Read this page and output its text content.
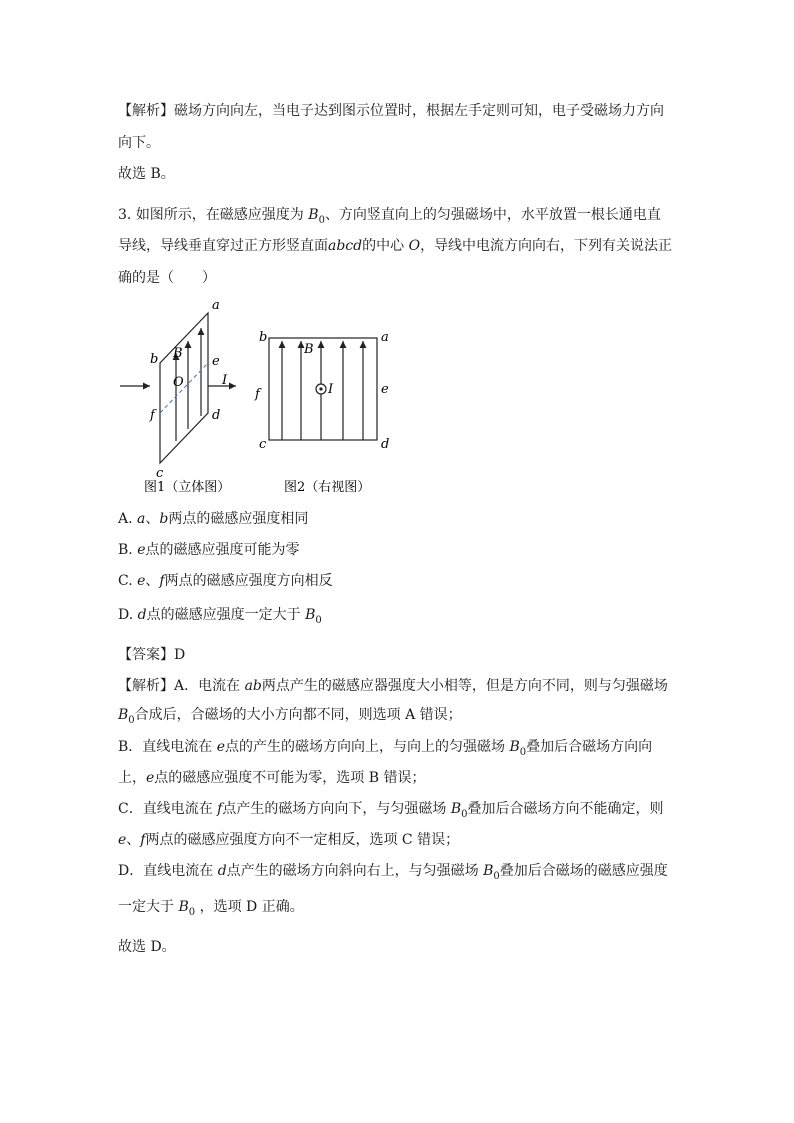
【解析】磁场方向向左，当电子达到图示位置时，根据左手定则可知，电子受磁场力方向
向下。
故选 B。
3. 如图所示，在磁感应强度为 $B_0$、方向竖直向上的匀强磁场中，水平放置一根长通电直
导线，导线垂直穿过正方形竖直面abcd的中心 O，导线中电流方向向右，下列有关说法正
确的是（　　）
a
b
c
d
e
f
O
B
I
b	a
c	d
e
f
B
I
图1（立体图）	图2（右视图）
A. a、b两点的磁感应强度相同
B. e点的磁感应强度可能为零
C. e、f两点的磁感应强度方向相反
D. d点的磁感应强度一定大于 $B_0$
【答案】D
【解析】A．电流在 ab两点产生的磁感应器强度大小相等，但是方向不同，则与匀强磁场
$B_0$合成后，合磁场的大小方向都不同，则选项 A 错误；
B．直线电流在 e点的产生的磁场方向向上，与向上的匀强磁场 $B_0$叠加后合磁场方向向
上，e点的磁感应强度不可能为零，选项 B 错误；
C．直线电流在 f点产生的磁场方向向下，与匀强磁场 $B_0$叠加后合磁场方向不能确定，则
e、f两点的磁感应强度方向不一定相反，选项 C 错误；
D．直线电流在 d点产生的磁场方向斜向右上，与匀强磁场 $B_0$叠加后合磁场的磁感应强度
一定大于 $B_0$ ，选项 D 正确。
故选 D。
